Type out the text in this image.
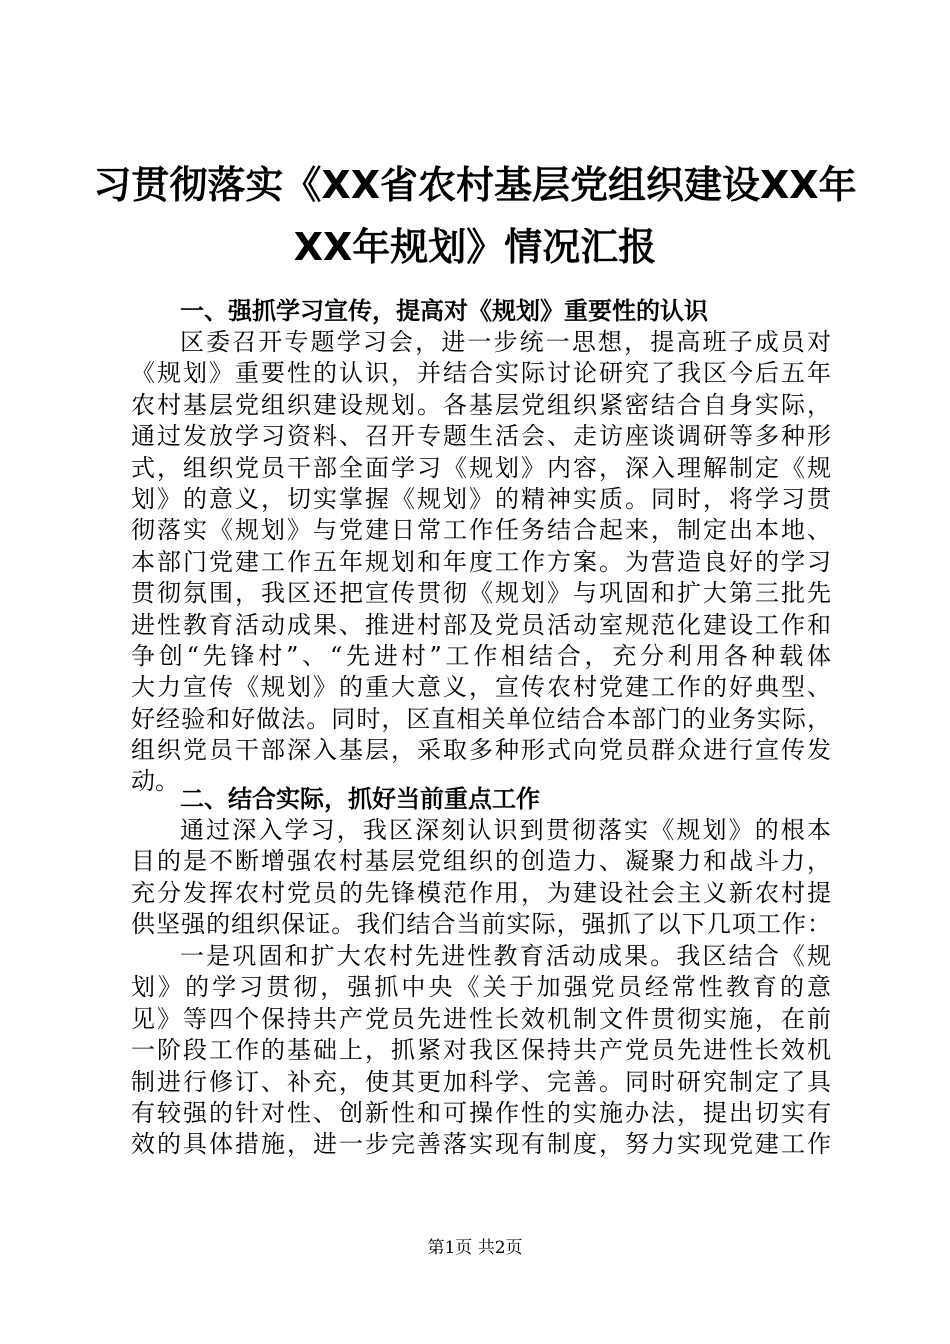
习贯彻落实《XX省农村基层党组织建设XX年
XX年规划》情况汇报
一、强抓学习宣传，提高对《规划》重要性的认识
区委召开专题学习会，进一步统一思想，提高班子成员对
《规划》重要性的认识，并结合实际讨论研究了我区今后五年
农村基层党组织建设规划。各基层党组织紧密结合自身实际，
通过发放学习资料、召开专题生活会、走访座谈调研等多种形
式，组织党员干部全面学习《规划》内容，深入理解制定《规
划》的意义，切实掌握《规划》的精神实质。同时，将学习贯
彻落实《规划》与党建日常工作任务结合起来，制定出本地、
本部门党建工作五年规划和年度工作方案。为营造良好的学习
贯彻氛围，我区还把宣传贯彻《规划》与巩固和扩大第三批先
进性教育活动成果、推进村部及党员活动室规范化建设工作和
争创“先锋村”、“先进村”工作相结合，充分利用各种载体
大力宣传《规划》的重大意义，宣传农村党建工作的好典型、
好经验和好做法。同时，区直相关单位结合本部门的业务实际，
组织党员干部深入基层，采取多种形式向党员群众进行宣传发
动。
二、结合实际，抓好当前重点工作
通过深入学习，我区深刻认识到贯彻落实《规划》的根本
目的是不断增强农村基层党组织的创造力、凝聚力和战斗力，
充分发挥农村党员的先锋模范作用，为建设社会主义新农村提
供坚强的组织保证。我们结合当前实际，强抓了以下几项工作：
一是巩固和扩大农村先进性教育活动成果。我区结合《规
划》的学习贯彻，强抓中央《关于加强党员经常性教育的意
见》等四个保持共产党员先进性长效机制文件贯彻实施，在前
一阶段工作的基础上，抓紧对我区保持共产党员先进性长效机
制进行修订、补充，使其更加科学、完善。同时研究制定了具
有较强的针对性、创新性和可操作性的实施办法，提出切实有
效的具体措施，进一步完善落实现有制度，努力实现党建工作
第1页 共2页
